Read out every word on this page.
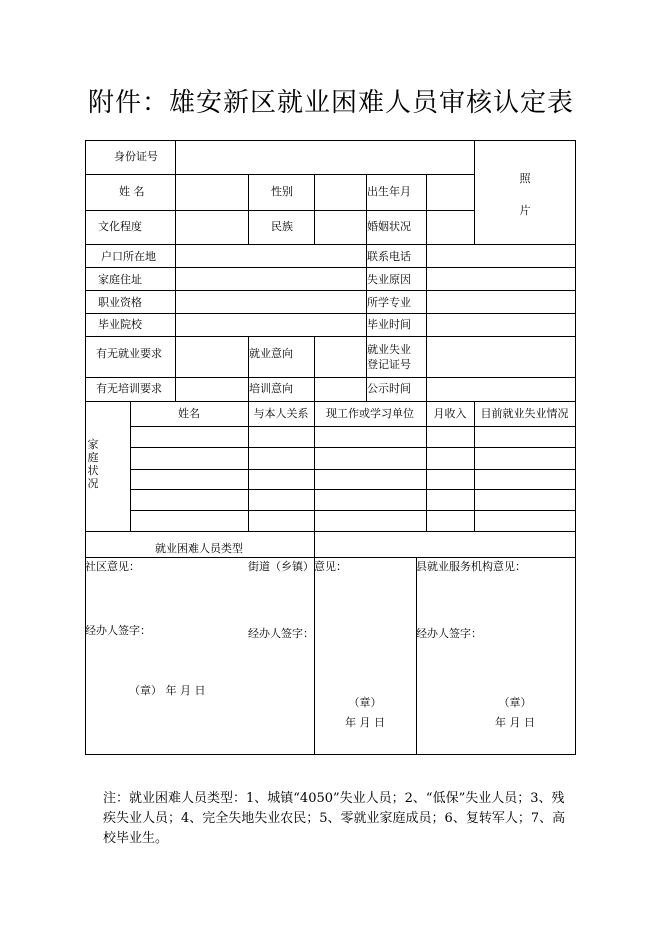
附件：雄安新区就业困难人员审核认定表
身份证号
照
片
姓 名	性别	出生年月
文化程度	民族	婚姻状况
户口所在地	联系电话
家庭住址	失业原因
职业资格	所学专业
毕业院校	毕业时间
有无就业要求	就业意向	就业失业
登记证号
有无培训要求	培训意向	公示时间
家庭状况
姓名	与本人关系	现工作或学习单位	月收入	目前就业失业情况
就业困难人员类型
社区意见：	街道（乡镇）意见：	县就业服务机构意见：
经办人签字：	经办人签字：	经办人签字：
（章） 年 月 日
（章）
年 月 日
（章）
年 月 日
注：就业困难人员类型：1、城镇“4050”失业人员；2、“低保”失业人员；3、残疾失业人员；4、完全失地失业农民；5、零就业家庭成员；6、复转军人；7、高校毕业生。
